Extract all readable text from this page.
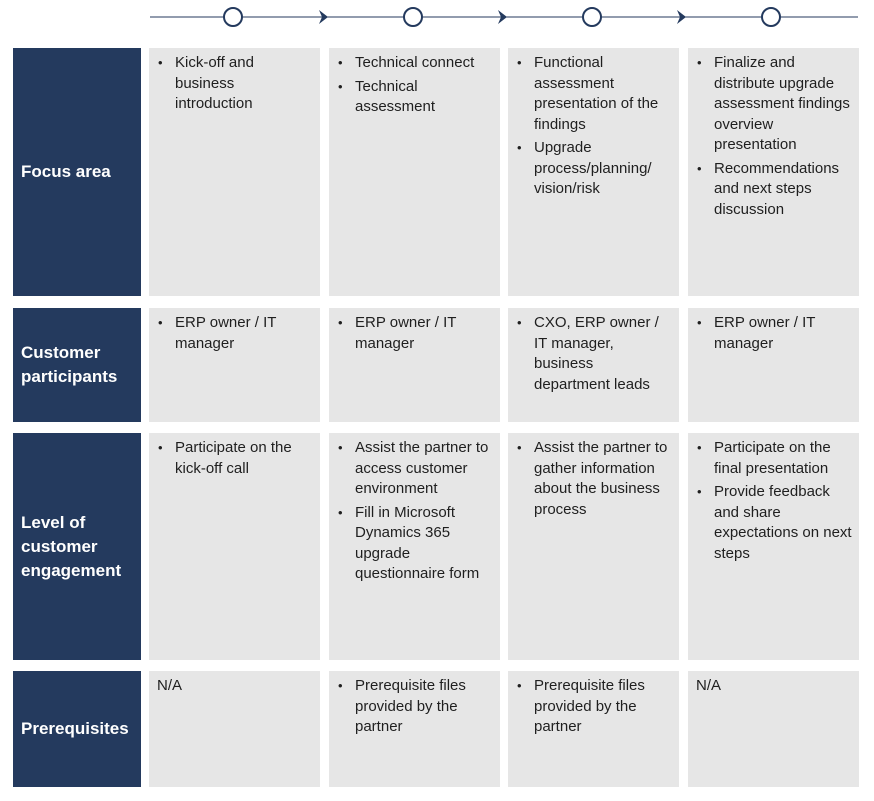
Focus area
• Kick-off and business introduction
• Technical connect
• Technical assessment
• Functional assessment presentation of the findings
• Upgrade process/planning/ vision/risk
• Finalize and distribute upgrade assessment findings overview presentation
• Recommendations and next steps discussion
Customer participants
• ERP owner / IT manager
• ERP owner / IT manager
• CXO, ERP owner / IT manager, business department leads
• ERP owner / IT manager
Level of customer engagement
• Participate on the kick-off call
• Assist the partner to access customer environment
• Fill in Microsoft Dynamics 365 upgrade questionnaire form
• Assist the partner to gather information about the business process
• Participate on the final presentation
• Provide feedback and share expectations on next steps
Prerequisites
N/A	• Prerequisite files provided by the partner
• Prerequisite files provided by the partner
N/A
